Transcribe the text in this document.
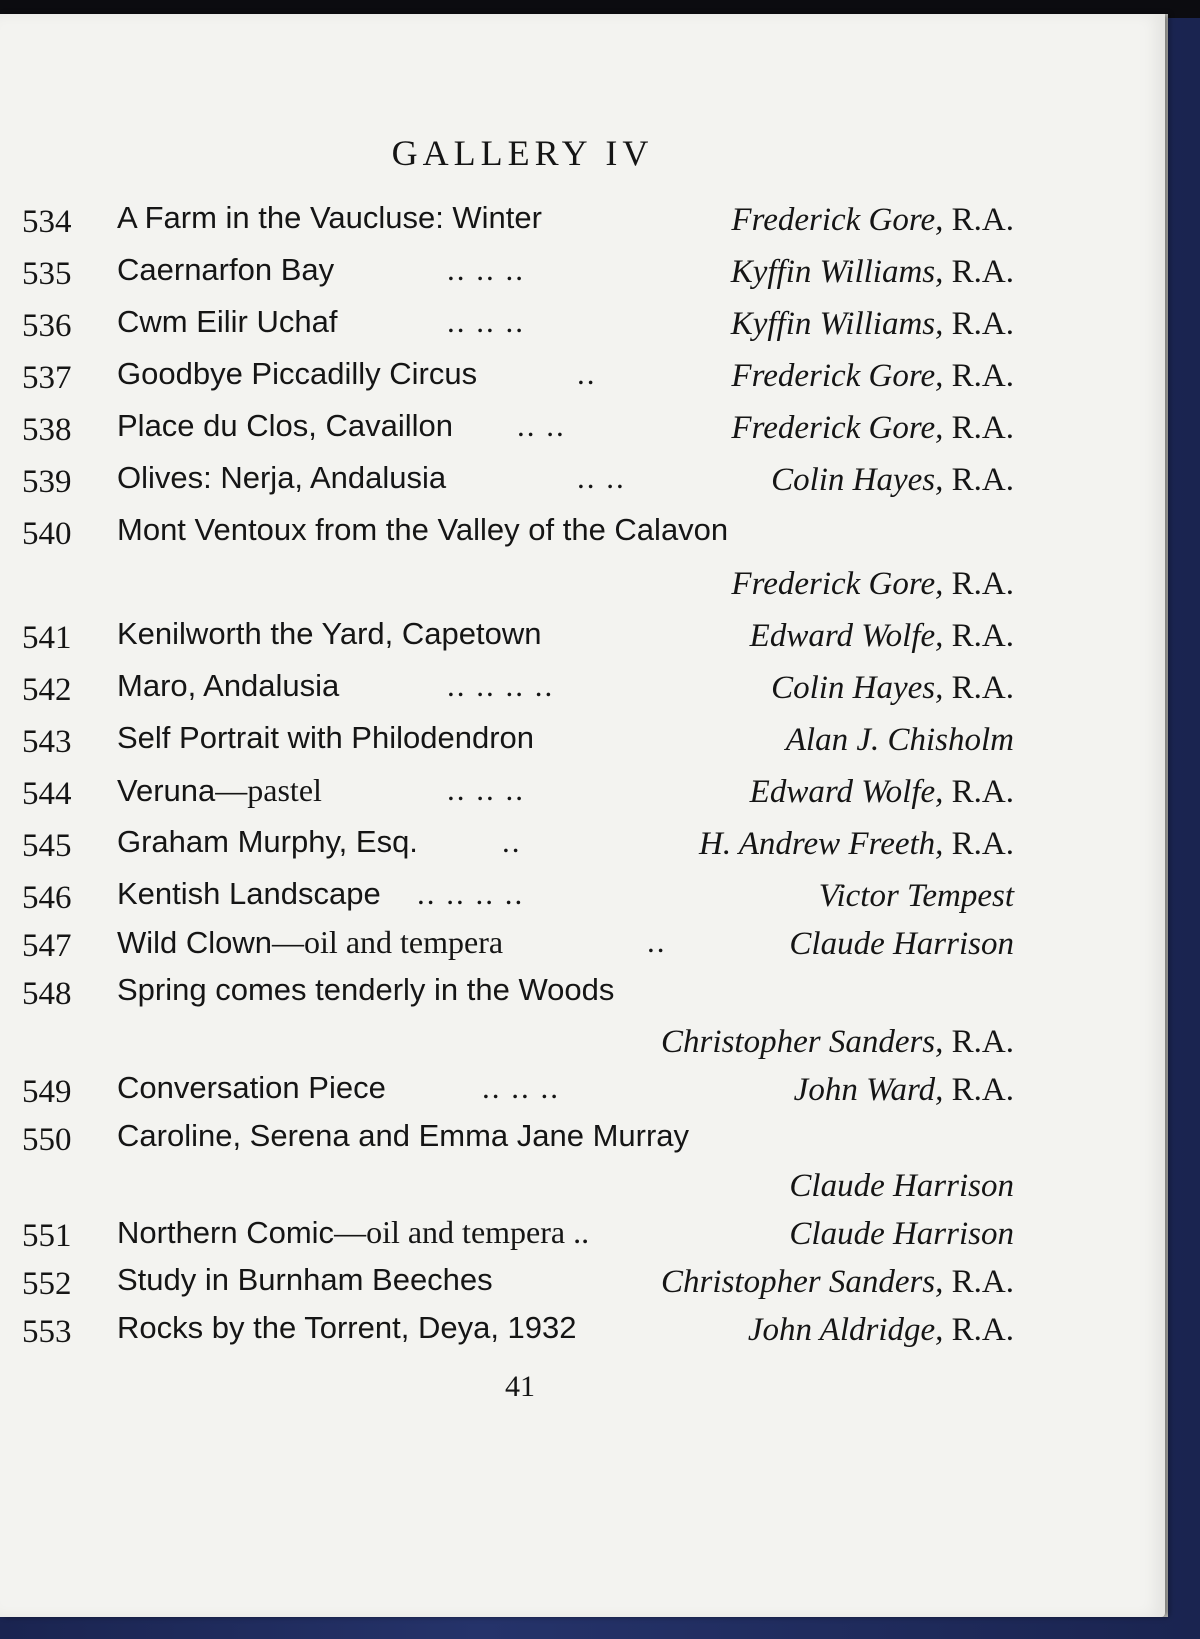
GALLERY IV
534 A Farm in the Vaucluse: Winter	Frederick Gore, R.A.
535 Caernarfon Bay	.. .. ..	Kyffin Williams, R.A.
536 Cwm Eilir Uchaf	.. .. ..	Kyffin Williams, R.A.
537 Goodbye Piccadilly Circus	..	Frederick Gore, R.A.
538 Place du Clos, Cavaillon .. ..	Frederick Gore, R.A.
539 Olives: Nerja, Andalusia	.. ..	Colin Hayes, R.A.
540 Mont Ventoux from the Valley of the Calavon
Frederick Gore, R.A.
541 Kenilworth the Yard, Capetown	Edward Wolfe, R.A.
542 Maro, Andalusia	.. .. .. ..	Colin Hayes, R.A.
543 Self Portrait with Philodendron	Alan J. Chisholm
544 Veruna—pastel	.. .. ..	Edward Wolfe, R.A.
545 Graham Murphy, Esq.	..	H. Andrew Freeth, R.A.
546 Kentish Landscape .. .. .. ..	Victor Tempest
547 Wild Clown—oil and tempera	..	Claude Harrison
548 Spring comes tenderly in the Woods
Christopher Sanders, R.A.
549 Conversation Piece	.. .. ..	John Ward, R.A.
550 Caroline, Serena and Emma Jane Murray
Claude Harrison
551 Northern Comic—oil and tempera ..	Claude Harrison
552 Study in Burnham Beeches	Christopher Sanders, R.A.
553 Rocks by the Torrent, Deya, 1932	John Aldridge, R.A.
41
